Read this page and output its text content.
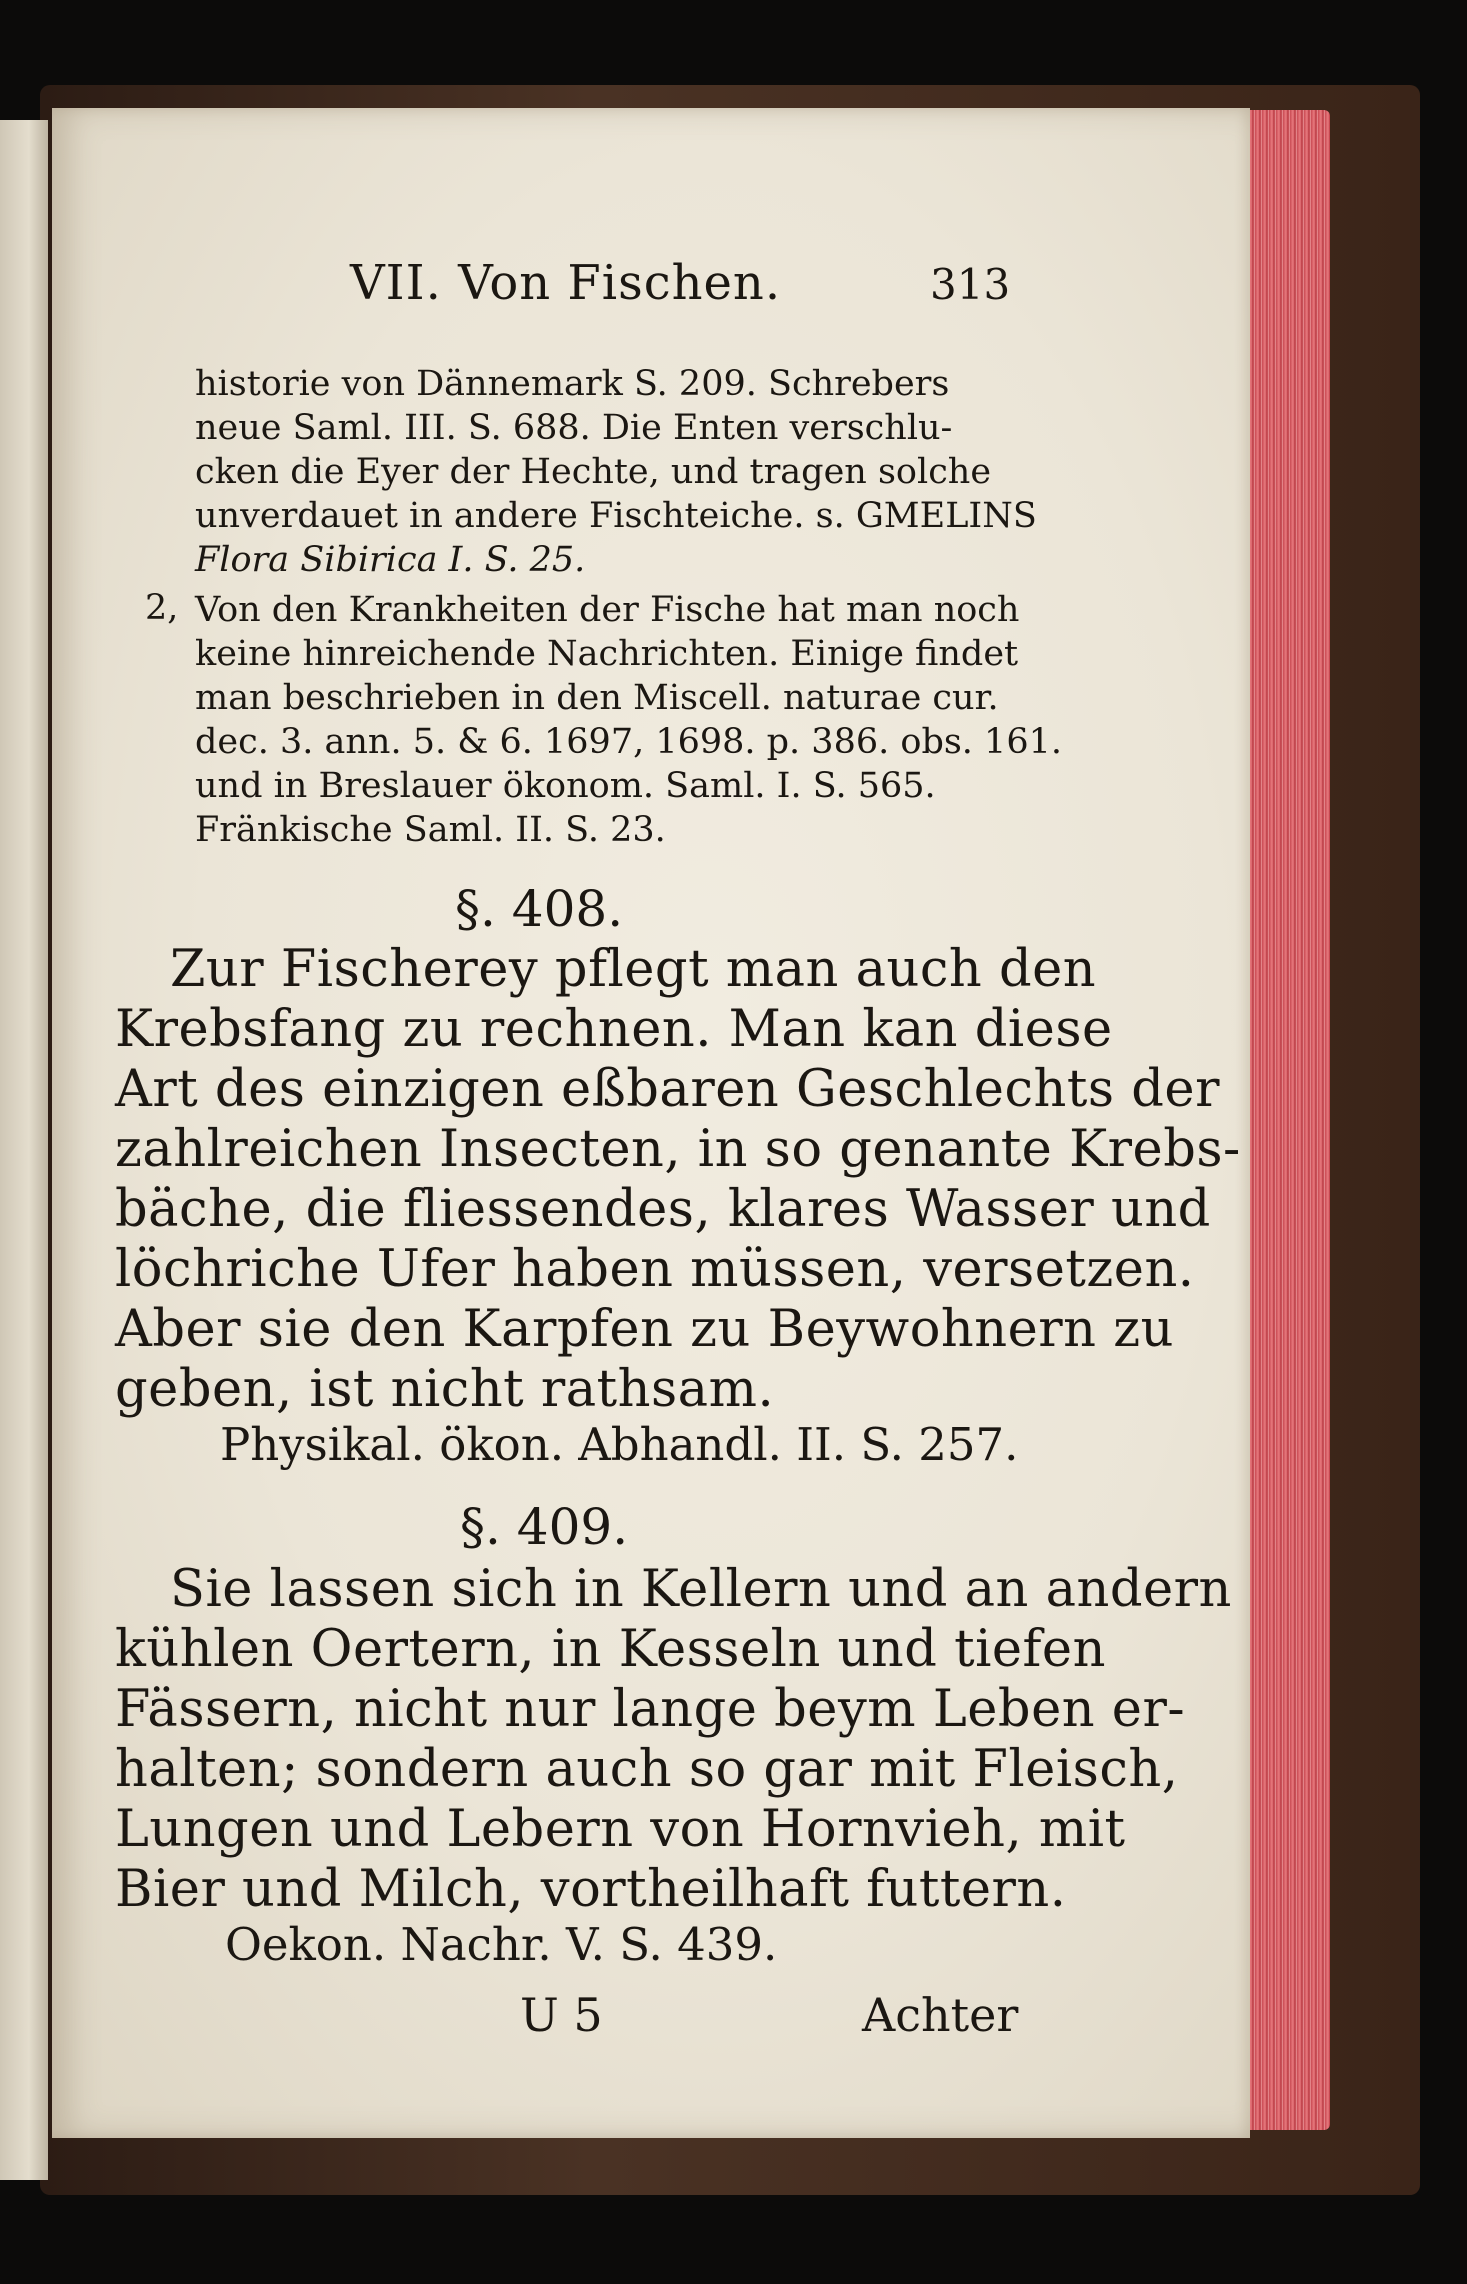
VII. Von Fischen.	313
historie von Dännemark S. 209. Schrebers
neue Saml. III. S. 688. Die Enten verschlu-
cken die Eyer der Hechte, und tragen solche
unverdauet in andere Fischteiche. s. GMELINS
Flora Sibirica I. S. 25.
2, Von den Krankheiten der Fische hat man noch
keine hinreichende Nachrichten. Einige findet
man beschrieben in den Miscell. naturae cur.
dec. 3. ann. 5. & 6. 1697, 1698. p. 386. obs. 161.
und in Breslauer ökonom. Saml. I. S. 565.
Fränkische Saml. II. S. 23.
§. 408.
Zur Fischerey pflegt man auch den
Krebsfang zu rechnen. Man kan diese
Art des einzigen eßbaren Geschlechts der
zahlreichen Insecten, in so genante Krebs-
bäche, die fliessendes, klares Wasser und
löchriche Ufer haben müssen, versetzen.
Aber sie den Karpfen zu Beywohnern zu
geben, ist nicht rathsam.
Physikal. ökon. Abhandl. II. S. 257.
§. 409.
Sie lassen sich in Kellern und an andern
kühlen Oertern, in Kesseln und tiefen
Fässern, nicht nur lange beym Leben er-
halten; sondern auch so gar mit Fleisch,
Lungen und Lebern von Hornvieh, mit
Bier und Milch, vortheilhaft futtern.
Oekon. Nachr. V. S. 439.
U 5	Achter
